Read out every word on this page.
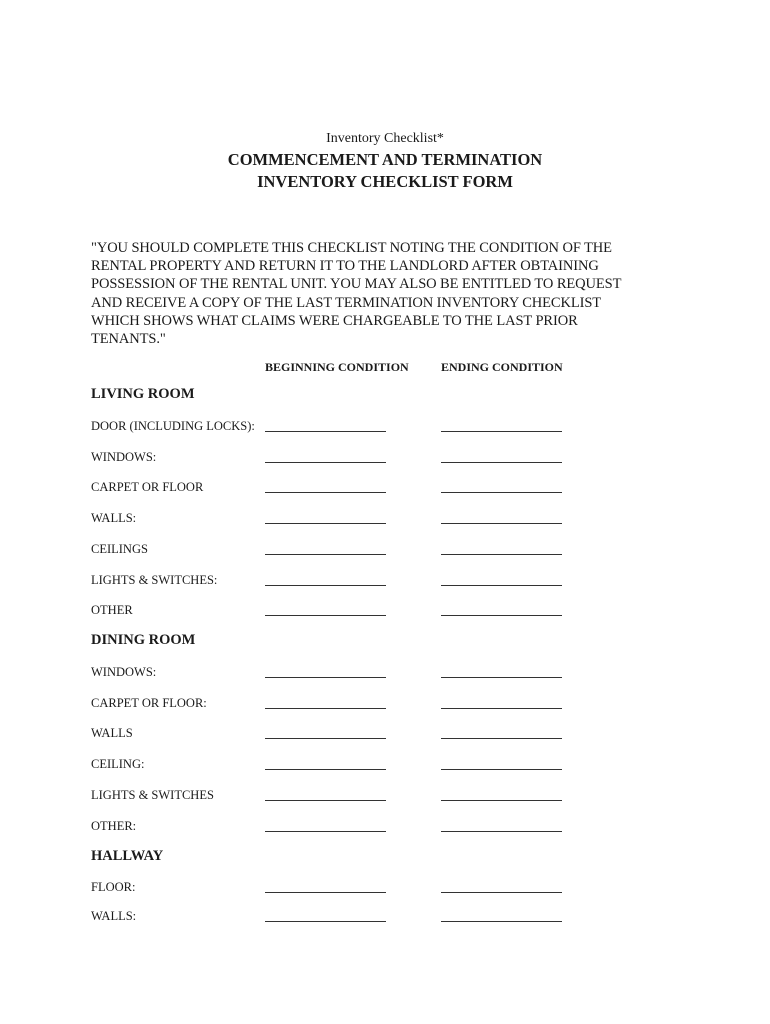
Inventory Checklist*
COMMENCEMENT AND TERMINATION
INVENTORY CHECKLIST FORM
"YOU SHOULD COMPLETE THIS CHECKLIST NOTING THE CONDITION OF THE
RENTAL PROPERTY AND RETURN IT TO THE LANDLORD AFTER OBTAINING
POSSESSION OF THE RENTAL UNIT. YOU MAY ALSO BE ENTITLED TO REQUEST
AND RECEIVE A COPY OF THE LAST TERMINATION INVENTORY CHECKLIST
WHICH SHOWS WHAT CLAIMS WERE CHARGEABLE TO THE LAST PRIOR
TENANTS."
BEGINNING CONDITION	ENDING CONDITION
LIVING ROOM
DOOR (INCLUDING LOCKS):
WINDOWS:
CARPET OR FLOOR
WALLS:
CEILINGS
LIGHTS & SWITCHES:
OTHER
DINING ROOM
WINDOWS:
CARPET OR FLOOR:
WALLS
CEILING:
LIGHTS & SWITCHES
OTHER:
HALLWAY
FLOOR:
WALLS:
